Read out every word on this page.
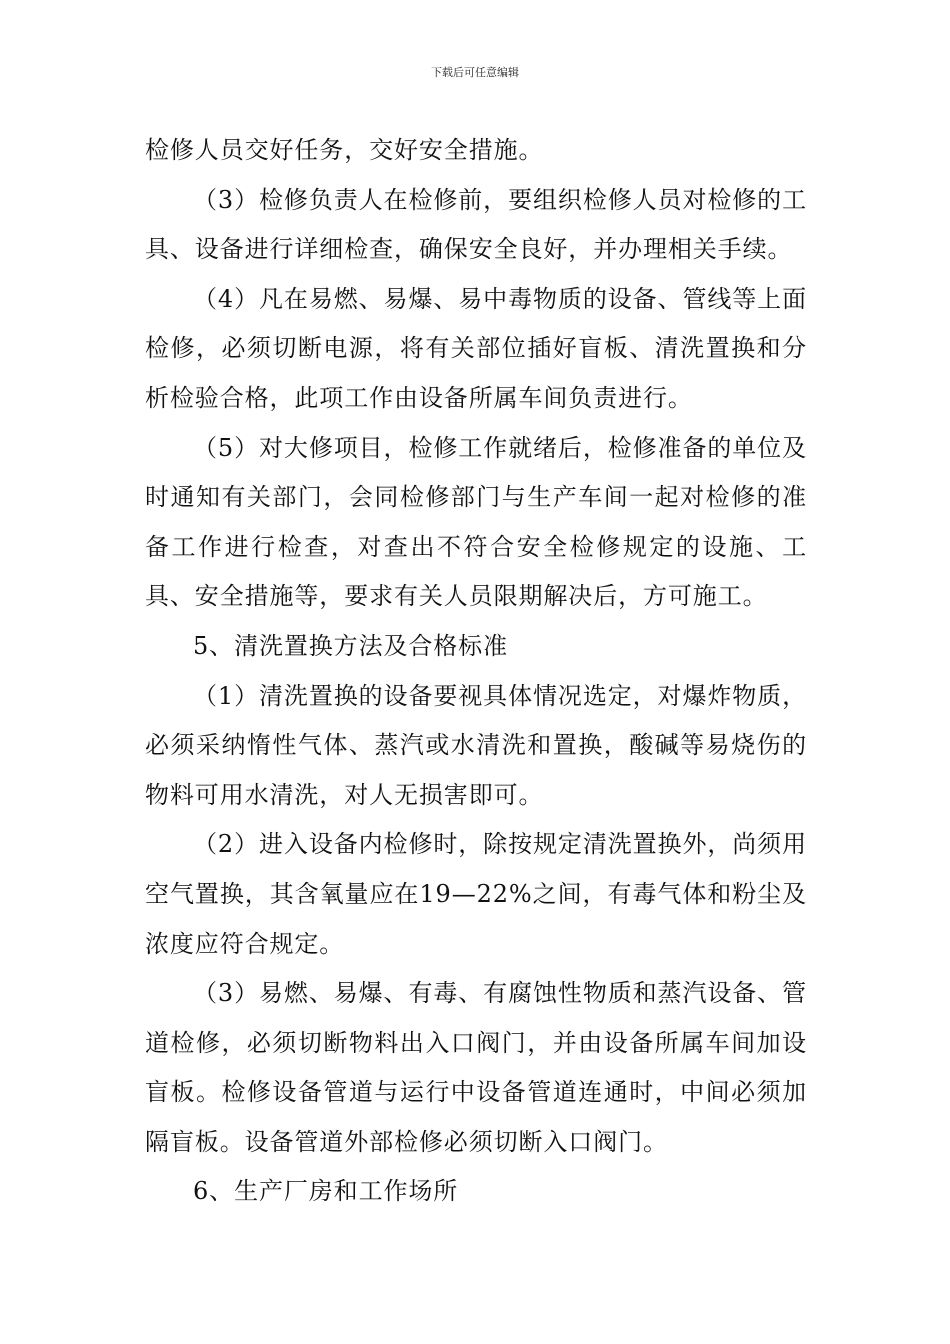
下载后可任意编辑

检修人员交好任务，交好安全措施。

（3）检修负责人在检修前，要组织检修人员对检修的工具、设备进行详细检查，确保安全良好，并办理相关手续。

（4）凡在易燃、易爆、易中毒物质的设备、管线等上面检修，必须切断电源，将有关部位插好盲板、清洗置换和分析检验合格，此项工作由设备所属车间负责进行。

（5）对大修项目，检修工作就绪后，检修准备的单位及时通知有关部门，会同检修部门与生产车间一起对检修的准备工作进行检查，对查出不符合安全检修规定的设施、工具、安全措施等，要求有关人员限期解决后，方可施工。

5、清洗置换方法及合格标准

（1）清洗置换的设备要视具体情况选定，对爆炸物质，必须采纳惰性气体、蒸汽或水清洗和置换，酸碱等易烧伤的物料可用水清洗，对人无损害即可。

（2）进入设备内检修时，除按规定清洗置换外，尚须用空气置换，其含氧量应在19—22%之间，有毒气体和粉尘及浓度应符合规定。

（3）易燃、易爆、有毒、有腐蚀性物质和蒸汽设备、管道检修，必须切断物料出入口阀门，并由设备所属车间加设盲板。检修设备管道与运行中设备管道连通时，中间必须加隔盲板。设备管道外部检修必须切断入口阀门。

6、生产厂房和工作场所
